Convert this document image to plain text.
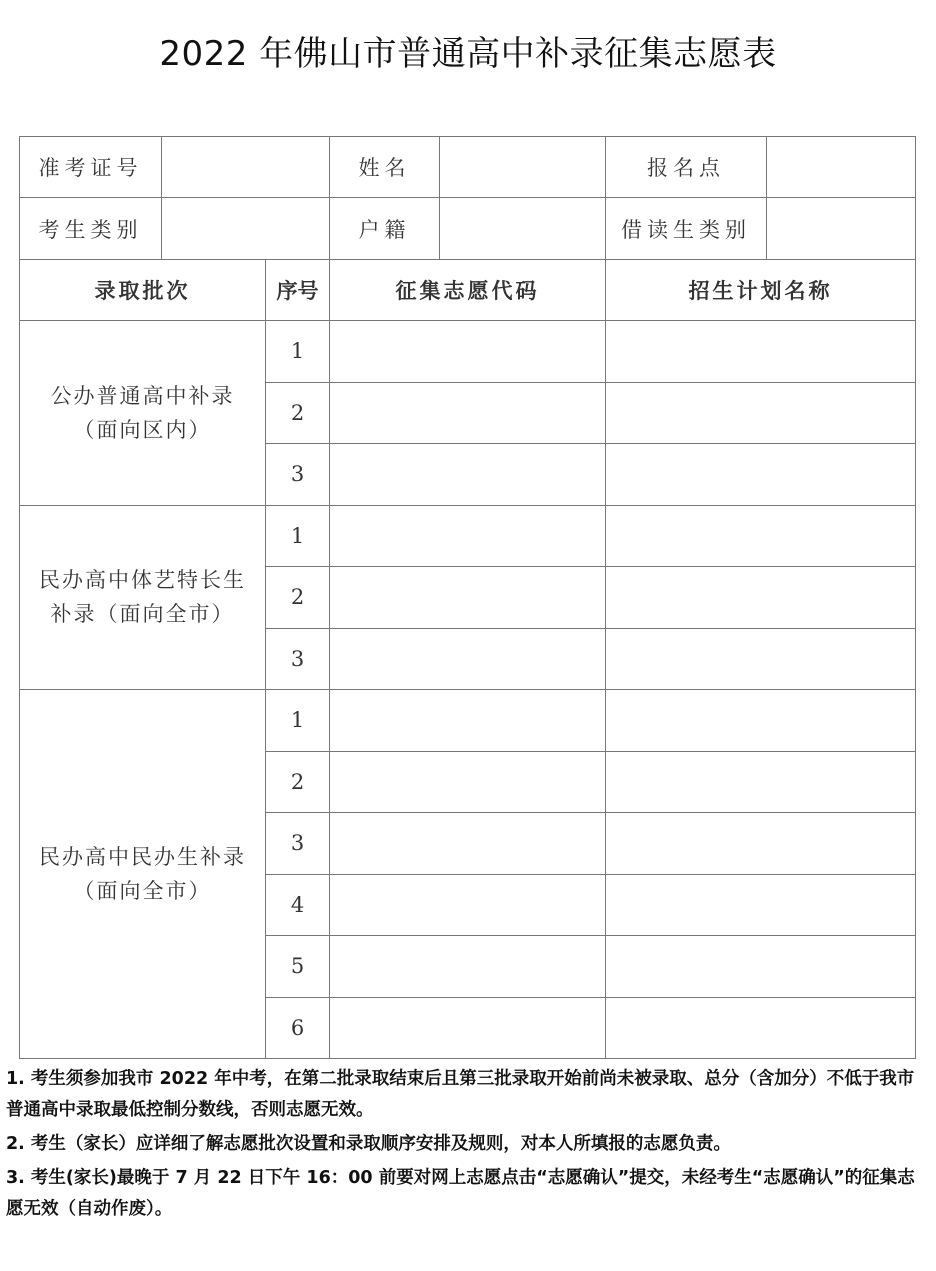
2022 年佛山市普通高中补录征集志愿表
准考证号			姓名		报名点	
考生类别			户籍		借读生类别	
录取批次		序号	征集志愿代码		招生计划名称	

公办普通高中补录
（面向区内）		1				
		2				
		3				

民办高中体艺特长生
补录（面向全市）		1				
		2				
		3				

民办高中民办生补录
（面向全市）		1				
		2				
		3				
		4				
		5				
		6				

1. 考生须参加我市 2022 年中考，在第二批录取结束后且第三批录取开始前尚未被录取、总分（含加分）不低于我市普通高中录取最低控制分数线，否则志愿无效。

2. 考生（家长）应详细了解志愿批次设置和录取顺序安排及规则，对本人所填报的志愿负责。

3. 考生(家长)最晚于 7 月 22 日下午 16：00 前要对网上志愿点击“志愿确认”提交，未经考生“志愿确认”的征集志愿无效（自动作废）。
